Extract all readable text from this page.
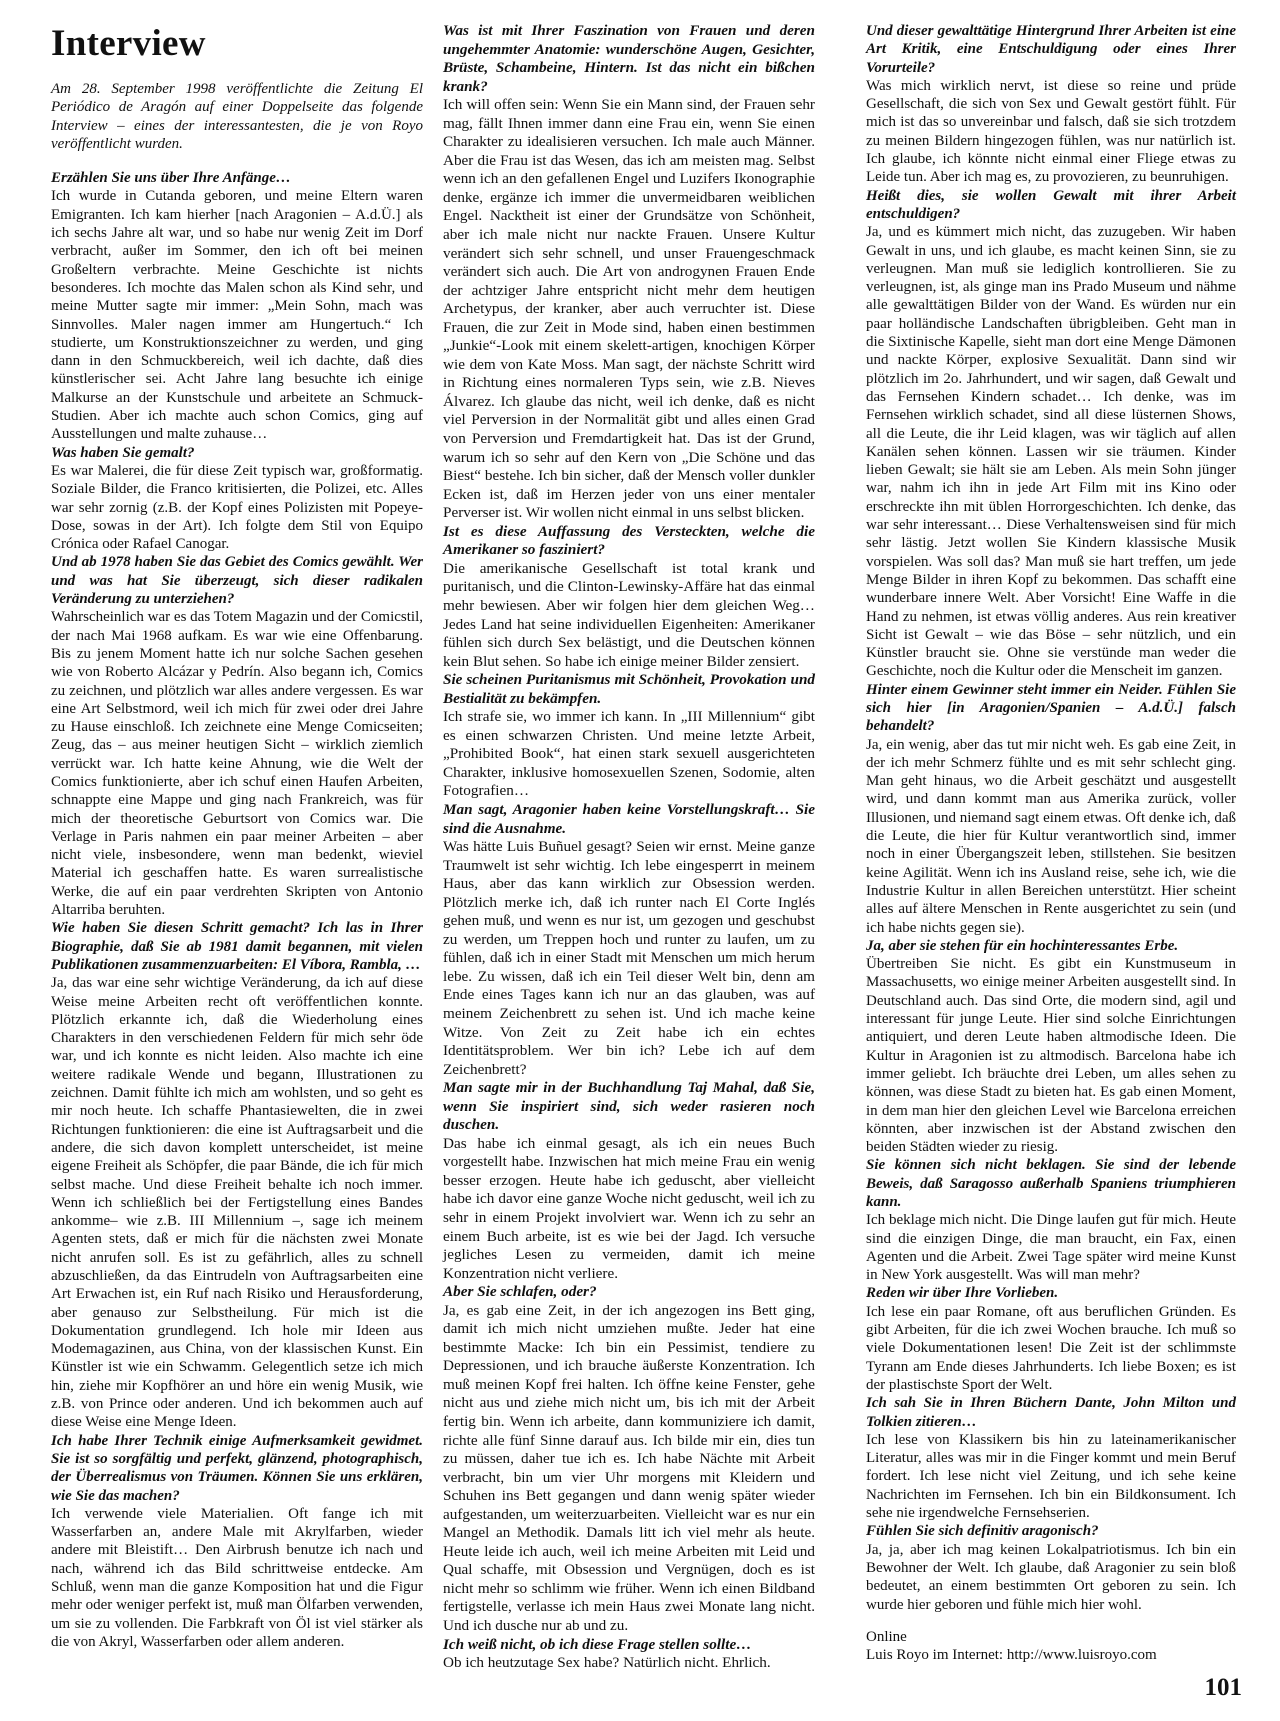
Interview

Am 28. September 1998 veröffentlichte die Zeitung El Periódico de Aragón auf einer Doppelseite das folgende Interview – eines der interessantesten, die je von Royo veröffentlicht wurden.

Erzählen Sie uns über Ihre Anfänge…

Ich wurde in Cutanda geboren, und meine Eltern waren Emigranten. Ich kam hierher [nach Aragonien – A.d.Ü.] als ich sechs Jahre alt war, und so habe nur wenig Zeit im Dorf verbracht, außer im Sommer, den ich oft bei meinen Großeltern verbrachte. Meine Geschichte ist nichts besonderes. Ich mochte das Malen schon als Kind sehr, und meine Mutter sagte mir immer: „Mein Sohn, mach was Sinnvolles. Maler nagen immer am Hungertuch.“ Ich studierte, um Konstruktionszeichner zu werden, und ging dann in den Schmuckbereich, weil ich dachte, daß dies künstlerischer sei. Acht Jahre lang besuchte ich einige Malkurse an der Kunstschule und arbeitete an Schmuck-Studien. Aber ich machte auch schon Comics, ging auf Ausstellungen und malte zuhause…

Was haben Sie gemalt?

Es war Malerei, die für diese Zeit typisch war, großformatig. Soziale Bilder, die Franco kritisierten, die Polizei, etc. Alles war sehr zornig (z.B. der Kopf eines Polizisten mit Popeye-Dose, sowas in der Art). Ich folgte dem Stil von Equipo Crónica oder Rafael Canogar.

Und ab 1978 haben Sie das Gebiet des Comics gewählt. Wer und was hat Sie überzeugt, sich dieser radikalen Veränderung zu unterziehen?

Wahrscheinlich war es das Totem Magazin und der Comicstil, der nach Mai 1968 aufkam. Es war wie eine Offenbarung. Bis zu jenem Moment hatte ich nur solche Sachen gesehen wie von Roberto Alcázar y Pedrín. Also begann ich, Comics zu zeichnen, und plötzlich war alles andere vergessen. Es war eine Art Selbstmord, weil ich mich für zwei oder drei Jahre zu Hause einschloß. Ich zeichnete eine Menge Comicseiten; Zeug, das – aus meiner heutigen Sicht – wirklich ziemlich verrückt war. Ich hatte keine Ahnung, wie die Welt der Comics funktionierte, aber ich schuf einen Haufen Arbeiten, schnappte eine Mappe und ging nach Frankreich, was für mich der theoretische Geburtsort von Comics war. Die Verlage in Paris nahmen ein paar meiner Arbeiten – aber nicht viele, insbesondere, wenn man bedenkt, wieviel Material ich geschaffen hatte. Es waren surrealistische Werke, die auf ein paar verdrehten Skripten von Antonio Altarriba beruhten.

Wie haben Sie diesen Schritt gemacht? Ich las in Ihrer Biographie, daß Sie ab 1981 damit begannen, mit vielen Publikationen zusammenzuarbeiten: El Víbora, Rambla, …

Ja, das war eine sehr wichtige Veränderung, da ich auf diese Weise meine Arbeiten recht oft veröffentlichen konnte. Plötzlich erkannte ich, daß die Wiederholung eines Charakters in den verschiedenen Feldern für mich sehr öde war, und ich konnte es nicht leiden. Also machte ich eine weitere radikale Wende und begann, Illustrationen zu zeichnen. Damit fühlte ich mich am wohlsten, und so geht es mir noch heute. Ich schaffe Phantasiewelten, die in zwei Richtungen funktionieren: die eine ist Auftragsarbeit und die andere, die sich davon komplett unterscheidet, ist meine eigene Freiheit als Schöpfer, die paar Bände, die ich für mich selbst mache. Und diese Freiheit behalte ich noch immer. Wenn ich schließlich bei der Fertigstellung eines Bandes ankomme– wie z.B. III Millennium –, sage ich meinem Agenten stets, daß er mich für die nächsten zwei Monate nicht anrufen soll. Es ist zu gefährlich, alles zu schnell abzuschließen, da das Eintrudeln von Auftragsarbeiten eine Art Erwachen ist, ein Ruf nach Risiko und Herausforderung, aber genauso zur Selbstheilung. Für mich ist die Dokumentation grundlegend. Ich hole mir Ideen aus Modemagazinen, aus China, von der klassischen Kunst. Ein Künstler ist wie ein Schwamm. Gelegentlich setze ich mich hin, ziehe mir Kopfhörer an und höre ein wenig Musik, wie z.B. von Prince oder anderen. Und ich bekommen auch auf diese Weise eine Menge Ideen.

Ich habe Ihrer Technik einige Aufmerksamkeit gewidmet. Sie ist so sorgfältig und perfekt, glänzend, photographisch, der Überrealismus von Träumen. Können Sie uns erklären, wie Sie das machen?

Ich verwende viele Materialien. Oft fange ich mit Wasserfarben an, andere Male mit Akrylfarben, wieder andere mit Bleistift… Den Airbrush benutze ich nach und nach, während ich das Bild schrittweise entdecke. Am Schluß, wenn man die ganze Komposition hat und die Figur mehr oder weniger perfekt ist, muß man Ölfarben verwenden, um sie zu vollenden. Die Farbkraft von Öl ist viel stärker als die von Akryl, Wasserfarben oder allem anderen.

Was ist mit Ihrer Faszination von Frauen und deren ungehemmter Anatomie: wunderschöne Augen, Gesichter, Brüste, Schambeine, Hintern. Ist das nicht ein bißchen krank?

Ich will offen sein: Wenn Sie ein Mann sind, der Frauen sehr mag, fällt Ihnen immer dann eine Frau ein, wenn Sie einen Charakter zu idealisieren versuchen. Ich male auch Männer. Aber die Frau ist das Wesen, das ich am meisten mag. Selbst wenn ich an den gefallenen Engel und Luzifers Ikonographie denke, ergänze ich immer die unvermeidbaren weiblichen Engel. Nacktheit ist einer der Grundsätze von Schönheit, aber ich male nicht nur nackte Frauen. Unsere Kultur verändert sich sehr schnell, und unser Frauengeschmack verändert sich auch. Die Art von androgynen Frauen Ende der achtziger Jahre entspricht nicht mehr dem heutigen Archetypus, der kranker, aber auch verruchter ist. Diese Frauen, die zur Zeit in Mode sind, haben einen bestimmen „Junkie“-Look mit einem skelett-artigen, knochigen Körper wie dem von Kate Moss. Man sagt, der nächste Schritt wird in Richtung eines normaleren Typs sein, wie z.B. Nieves Álvarez. Ich glaube das nicht, weil ich denke, daß es nicht viel Perversion in der Normalität gibt und alles einen Grad von Perversion und Fremdartigkeit hat. Das ist der Grund, warum ich so sehr auf den Kern von „Die Schöne und das Biest“ bestehe. Ich bin sicher, daß der Mensch voller dunkler Ecken ist, daß im Herzen jeder von uns einer mentaler Perverser ist. Wir wollen nicht einmal in uns selbst blicken.

Ist es diese Auffassung des Versteckten, welche die Amerikaner so fasziniert?

Die amerikanische Gesellschaft ist total krank und puritanisch, und die Clinton-Lewinsky-Affäre hat das einmal mehr bewiesen. Aber wir folgen hier dem gleichen Weg… Jedes Land hat seine individuellen Eigenheiten: Amerikaner fühlen sich durch Sex belästigt, und die Deutschen können kein Blut sehen. So habe ich einige meiner Bilder zensiert.

Sie scheinen Puritanismus mit Schönheit, Provokation und Bestialität zu bekämpfen.

Ich strafe sie, wo immer ich kann. In „III Millennium“ gibt es einen schwarzen Christen. Und meine letzte Arbeit, „Prohibited Book“, hat einen stark sexuell ausgerichteten Charakter, inklusive homosexuellen Szenen, Sodomie, alten Fotografien…

Man sagt, Aragonier haben keine Vorstellungskraft… Sie sind die Ausnahme.

Was hätte Luis Buñuel gesagt? Seien wir ernst. Meine ganze Traumwelt ist sehr wichtig. Ich lebe eingesperrt in meinem Haus, aber das kann wirklich zur Obsession werden. Plötzlich merke ich, daß ich runter nach El Corte Inglés gehen muß, und wenn es nur ist, um gezogen und geschubst zu werden, um Treppen hoch und runter zu laufen, um zu fühlen, daß ich in einer Stadt mit Menschen um mich herum lebe. Zu wissen, daß ich ein Teil dieser Welt bin, denn am Ende eines Tages kann ich nur an das glauben, was auf meinem Zeichenbrett zu sehen ist. Und ich mache keine Witze. Von Zeit zu Zeit habe ich ein echtes Identitätsproblem. Wer bin ich? Lebe ich auf dem Zeichenbrett?

Man sagte mir in der Buchhandlung Taj Mahal, daß Sie, wenn Sie inspiriert sind, sich weder rasieren noch duschen.

Das habe ich einmal gesagt, als ich ein neues Buch vorgestellt habe. Inzwischen hat mich meine Frau ein wenig besser erzogen. Heute habe ich geduscht, aber vielleicht habe ich davor eine ganze Woche nicht geduscht, weil ich zu sehr in einem Projekt involviert war. Wenn ich zu sehr an einem Buch arbeite, ist es wie bei der Jagd. Ich versuche jegliches Lesen zu vermeiden, damit ich meine Konzentration nicht verliere.

Aber Sie schlafen, oder?

Ja, es gab eine Zeit, in der ich angezogen ins Bett ging, damit ich mich nicht umziehen mußte. Jeder hat eine bestimmte Macke: Ich bin ein Pessimist, tendiere zu Depressionen, und ich brauche äußerste Konzentration. Ich muß meinen Kopf frei halten. Ich öffne keine Fenster, gehe nicht aus und ziehe mich nicht um, bis ich mit der Arbeit fertig bin. Wenn ich arbeite, dann kommuniziere ich damit, richte alle fünf Sinne darauf aus. Ich bilde mir ein, dies tun zu müssen, daher tue ich es. Ich habe Nächte mit Arbeit verbracht, bin um vier Uhr morgens mit Kleidern und Schuhen ins Bett gegangen und dann wenig später wieder aufgestanden, um weiterzuarbeiten. Vielleicht war es nur ein Mangel an Methodik. Damals litt ich viel mehr als heute. Heute leide ich auch, weil ich meine Arbeiten mit Leid und Qual schaffe, mit Obsession und Vergnügen, doch es ist nicht mehr so schlimm wie früher. Wenn ich einen Bildband fertigstelle, verlasse ich mein Haus zwei Monate lang nicht. Und ich dusche nur ab und zu.

Ich weiß nicht, ob ich diese Frage stellen sollte…

Ob ich heutzutage Sex habe? Natürlich nicht. Ehrlich.

Und dieser gewalttätige Hintergrund Ihrer Arbeiten ist eine Art Kritik, eine Entschuldigung oder eines Ihrer Vorurteile?

Was mich wirklich nervt, ist diese so reine und prüde Gesellschaft, die sich von Sex und Gewalt gestört fühlt. Für mich ist das so unvereinbar und falsch, daß sie sich trotzdem zu meinen Bildern hingezogen fühlen, was nur natürlich ist. Ich glaube, ich könnte nicht einmal einer Fliege etwas zu Leide tun. Aber ich mag es, zu provozieren, zu beunruhigen.

Heißt dies, sie wollen Gewalt mit ihrer Arbeit entschuldigen?

Ja, und es kümmert mich nicht, das zuzugeben. Wir haben Gewalt in uns, und ich glaube, es macht keinen Sinn, sie zu verleugnen. Man muß sie lediglich kontrollieren. Sie zu verleugnen, ist, als ginge man ins Prado Museum und nähme alle gewalttätigen Bilder von der Wand. Es würden nur ein paar holländische Landschaften übrigbleiben. Geht man in die Sixtinische Kapelle, sieht man dort eine Menge Dämonen und nackte Körper, explosive Sexualität. Dann sind wir plötzlich im 2o. Jahrhundert, und wir sagen, daß Gewalt und das Fernsehen Kindern schadet… Ich denke, was im Fernsehen wirklich schadet, sind all diese lüsternen Shows, all die Leute, die ihr Leid klagen, was wir täglich auf allen Kanälen sehen können. Lassen wir sie träumen. Kinder lieben Gewalt; sie hält sie am Leben. Als mein Sohn jünger war, nahm ich ihn in jede Art Film mit ins Kino oder erschreckte ihn mit üblen Horrorgeschichten. Ich denke, das war sehr interessant… Diese Verhaltensweisen sind für mich sehr lästig. Jetzt wollen Sie Kindern klassische Musik vorspielen. Was soll das? Man muß sie hart treffen, um jede Menge Bilder in ihren Kopf zu bekommen. Das schafft eine wunderbare innere Welt. Aber Vorsicht! Eine Waffe in die Hand zu nehmen, ist etwas völlig anderes. Aus rein kreativer Sicht ist Gewalt – wie das Böse – sehr nützlich, und ein Künstler braucht sie. Ohne sie verstünde man weder die Geschichte, noch die Kultur oder die Menscheit im ganzen.

Hinter einem Gewinner steht immer ein Neider. Fühlen Sie sich hier [in Aragonien/Spanien – A.d.Ü.] falsch behandelt?

Ja, ein wenig, aber das tut mir nicht weh. Es gab eine Zeit, in der ich mehr Schmerz fühlte und es mit sehr schlecht ging. Man geht hinaus, wo die Arbeit geschätzt und ausgestellt wird, und dann kommt man aus Amerika zurück, voller Illusionen, und niemand sagt einem etwas. Oft denke ich, daß die Leute, die hier für Kultur verantwortlich sind, immer noch in einer Übergangszeit leben, stillstehen. Sie besitzen keine Agilität. Wenn ich ins Ausland reise, sehe ich, wie die Industrie Kultur in allen Bereichen unterstützt. Hier scheint alles auf ältere Menschen in Rente ausgerichtet zu sein (und ich habe nichts gegen sie).

Ja, aber sie stehen für ein hochinteressantes Erbe.

Übertreiben Sie nicht. Es gibt ein Kunstmuseum in Massachusetts, wo einige meiner Arbeiten ausgestellt sind. In Deutschland auch. Das sind Orte, die modern sind, agil und interessant für junge Leute. Hier sind solche Einrichtungen antiquiert, und deren Leute haben altmodische Ideen. Die Kultur in Aragonien ist zu altmodisch. Barcelona habe ich immer geliebt. Ich bräuchte drei Leben, um alles sehen zu können, was diese Stadt zu bieten hat. Es gab einen Moment, in dem man hier den gleichen Level wie Barcelona erreichen könnten, aber inzwischen ist der Abstand zwischen den beiden Städten wieder zu riesig.

Sie können sich nicht beklagen. Sie sind der lebende Beweis, daß Saragosso außerhalb Spaniens triumphieren kann.

Ich beklage mich nicht. Die Dinge laufen gut für mich. Heute sind die einzigen Dinge, die man braucht, ein Fax, einen Agenten und die Arbeit. Zwei Tage später wird meine Kunst in New York ausgestellt. Was will man mehr?

Reden wir über Ihre Vorlieben.

Ich lese ein paar Romane, oft aus beruflichen Gründen. Es gibt Arbeiten, für die ich zwei Wochen brauche. Ich muß so viele Dokumentationen lesen! Die Zeit ist der schlimmste Tyrann am Ende dieses Jahrhunderts. Ich liebe Boxen; es ist der plastischste Sport der Welt.

Ich sah Sie in Ihren Büchern Dante, John Milton und Tolkien zitieren…

Ich lese von Klassikern bis hin zu lateinamerikanischer Literatur, alles was mir in die Finger kommt und mein Beruf fordert. Ich lese nicht viel Zeitung, und ich sehe keine Nachrichten im Fernsehen. Ich bin ein Bildkonsument. Ich sehe nie irgendwelche Fernsehserien.

Fühlen Sie sich definitiv aragonisch?

Ja, ja, aber ich mag keinen Lokalpatriotismus. Ich bin ein Bewohner der Welt. Ich glaube, daß Aragonier zu sein bloß bedeutet, an einem bestimmten Ort geboren zu sein. Ich wurde hier geboren und fühle mich hier wohl.

Online

Luis Royo im Internet: http://www.luisroyo.com

101
